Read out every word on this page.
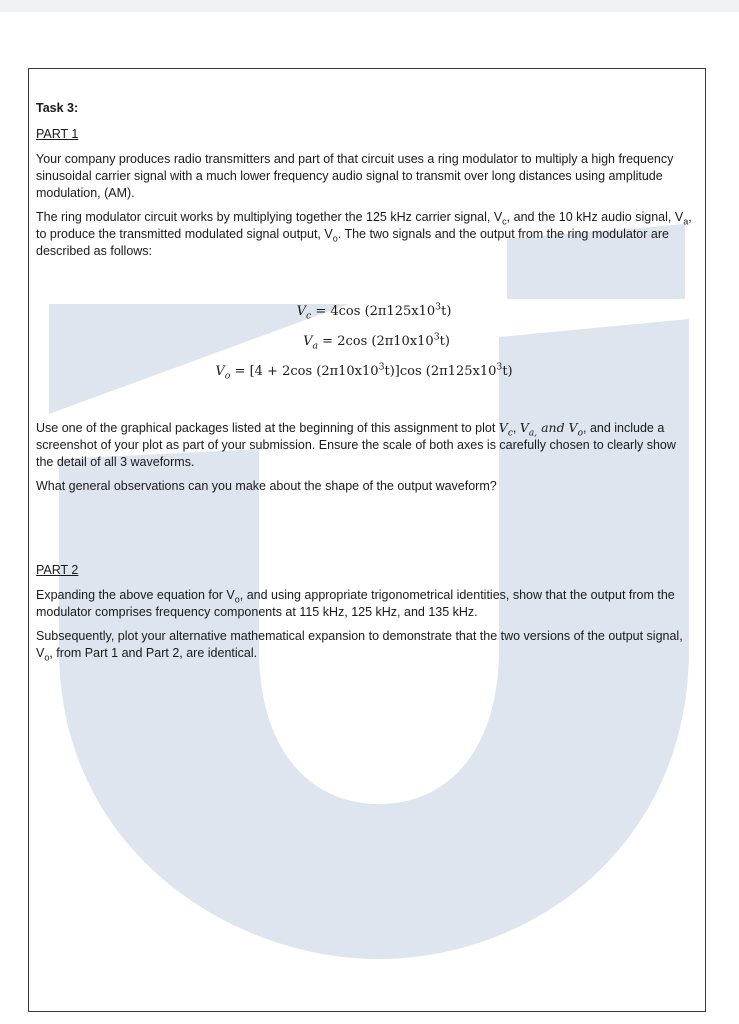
Task 3:

PART 1

Your company produces radio transmitters and part of that circuit uses a ring modulator to multiply a high frequency sinusoidal carrier signal with a much lower frequency audio signal to transmit over long distances using amplitude modulation, (AM).

The ring modulator circuit works by multiplying together the 125 kHz carrier signal, $V_c$, and the 10 kHz audio signal, $V_a$, to produce the transmitted modulated signal output, $V_o$. The two signals and the output from the ring modulator are described as follows:

$V_c = 4\cos$ $(2\pi 125x10^3t)$
$V_a = 2\cos$ $(2\pi 10x10^3t)$
$V_o = [4 + 2\cos$ $(2\pi 10x10^3t)]\cos$ $(2\pi 125x10^3t)$

Use one of the graphical packages listed at the beginning of this assignment to plot $V_c$, $V_{a,}$ and $V_o$, and include a screenshot of your plot as part of your submission. Ensure the scale of both axes is carefully chosen to clearly show the detail of all 3 waveforms.

What general observations can you make about the shape of the output waveform?

PART 2

Expanding the above equation for $V_o$, and using appropriate trigonometrical identities, show that the output from the modulator comprises frequency components at 115 kHz, 125 kHz, and 135 kHz.

Subsequently, plot your alternative mathematical expansion to demonstrate that the two versions of the output signal, $V_o$, from Part 1 and Part 2, are identical.
